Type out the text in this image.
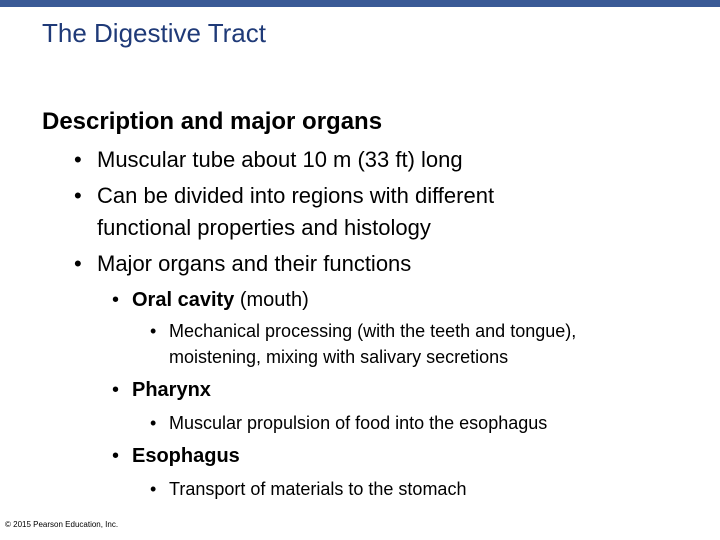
The Digestive Tract
Description and major organs
• Muscular tube about 10 m (33 ft) long
• Can be divided into regions with different
functional properties and histology
• Major organs and their functions
• Oral cavity (mouth)
• Mechanical processing (with the teeth and tongue),
moistening, mixing with salivary secretions
• Pharynx
• Muscular propulsion of food into the esophagus
• Esophagus
• Transport of materials to the stomach
© 2015 Pearson Education, Inc.
